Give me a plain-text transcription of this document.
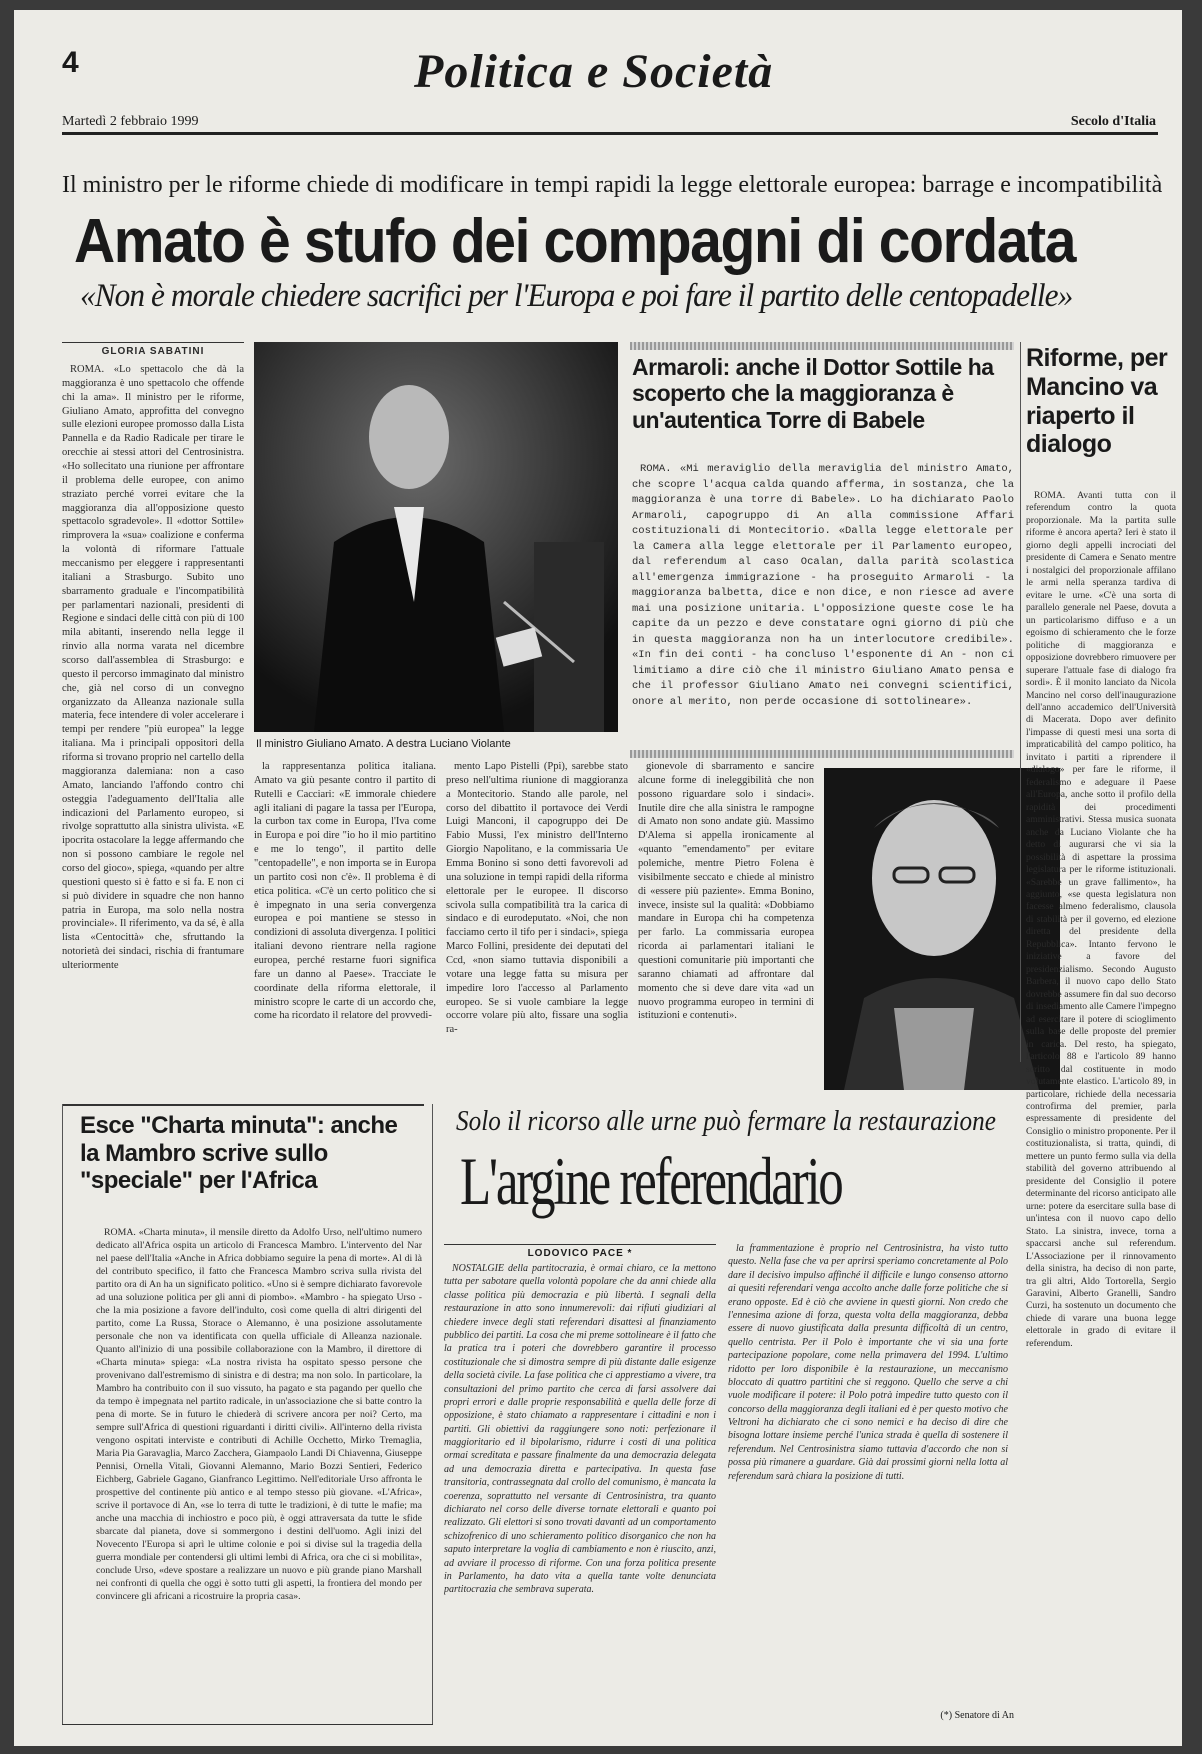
4	Politica e Società
Martedì 2 febbraio 1999	Secolo d'Italia
Il ministro per le riforme chiede di modificare in tempi rapidi la legge elettorale europea: barrage e incompatibilità
Amato è stufo dei compagni di cordata
«Non è morale chiedere sacrifici per l'Europa e poi fare il partito delle centopadelle»
GLORIA SABATINI

ROMA. «Lo spettacolo che dà la maggioranza è uno spettacolo che offende chi la ama». Il ministro per le riforme, Giuliano Amato, approfitta del convegno sulle elezioni europee promosso dalla Lista Pannella e da Radio Radicale per tirare le orecchie ai stessi attori del Centrosinistra. «Ho sollecitato una riunione per affrontare il problema delle europee, con animo straziato perché vorrei evitare che la maggioranza dia all'opposizione questo spettacolo sgradevole». Il «dottor Sottile» rimprovera la «sua» coalizione e conferma la volontà di riformare l'attuale meccanismo per eleggere i rappresentanti italiani a Strasburgo. Subito uno sbarramento graduale e l'incompatibilità per parlamentari nazionali, presidenti di Regione e sindaci delle città con più di 100 mila abitanti, inserendo nella legge il rinvio alla norma varata nel dicembre scorso dall'assemblea di Strasburgo: e questo il percorso immaginato dal ministro che, già nel corso di un convegno organizzato da Alleanza nazionale sulla materia, fece intendere di voler accelerare i tempi per rendere "più europea" la legge italiana. Ma i principali oppositori della riforma si trovano proprio nel cartello della maggioranza dalemiana: non a caso Amato, lanciando l'affondo contro chi osteggia l'adeguamento dell'Italia alle indicazioni del Parlamento europeo, si rivolge soprattutto alla sinistra ulivista. «E ipocrita ostacolare la legge affermando che non si possono cambiare le regole nel corso del gioco», spiega, «quando per altre questioni questo si è fatto e si fa. E non ci si può dividere in squadre che non hanno patria in Europa, ma solo nella nostra provinciale». Il riferimento, va da sé, è alla lista «Centocittà» che, sfruttando la notorietà dei sindaci, rischia di frantumare ulteriormente

Il ministro Giuliano Amato. A destra Luciano Violante

la rappresentanza politica italiana. Amato va giù pesante contro il partito di Rutelli e Cacciari: «E immorale chiedere agli italiani di pagare la tassa per l'Europa, la curbon tax come in Europa, l'Iva come in Europa e poi dire "io ho il mio partitino e me lo tengo", il partito delle "centopadelle", e non importa se in Europa un partito così non c'è». Il problema è di etica politica. «C'è un certo politico che si è impegnato in una seria convergenza europea e poi mantiene se stesso in condizioni di assoluta divergenza. I politici italiani devono rientrare nella ragione europea, perché restarne fuori significa fare un danno al Paese». Tracciate le coordinate della riforma elettorale, il ministro scopre le carte di un accordo che, come ha ricordato il relatore del provvedi-

mento Lapo Pistelli (Ppi), sarebbe stato preso nell'ultima riunione di maggioranza a Montecitorio. Stando alle parole, nel corso del dibattito il portavoce dei Verdi Luigi Manconi, il capogruppo dei De Fabio Mussi, l'ex ministro dell'Interno Giorgio Napolitano, e la commissaria Ue Emma Bonino si sono detti favorevoli ad una soluzione in tempi rapidi della riforma elettorale per le europee. Il discorso scivola sulla compatibilità tra la carica di sindaco e di eurodeputato. «Noi, che non facciamo certo il tifo per i sindaci», spiega Marco Follini, presidente dei deputati del Ccd, «non siamo tuttavia disponibili a votare una legge fatta su misura per impedire loro l'accesso al Parlamento europeo. Se si vuole cambiare la legge occorre volare più alto, fissare una soglia ra-

gionevole di sbarramento e sancire alcune forme di ineleggibilità che non possono riguardare solo i sindaci». Inutile dire che alla sinistra le rampogne di Amato non sono andate giù. Massimo D'Alema si appella ironicamente al «quanto "emendamento" per evitare polemiche, mentre Pietro Folena è visibilmente seccato e chiede al ministro di «essere più paziente». Emma Bonino, invece, insiste sul la qualità: «Dobbiamo mandare in Europa chi ha competenza per farlo. La commissaria europea ricorda ai parlamentari italiani le questioni comunitarie più importanti che saranno chiamati ad affrontare dal momento che si deve dare vita «ad un nuovo programma europeo in termini di istituzioni e contenuti».

Armaroli: anche il Dottor Sottile ha scoperto che la maggioranza è un'autentica Torre di Babele

ROMA. «Mi meraviglio della meraviglia del ministro Amato, che scopre l'acqua calda quando afferma, in sostanza, che la maggioranza è una torre di Babele». Lo ha dichiarato Paolo Armaroli, capogruppo di An alla commissione Affari costituzionali di Montecitorio. «Dalla legge elettorale per la Camera alla legge elettorale per il Parlamento europeo, dal referendum al caso Ocalan, dalla parità scolastica all'emergenza immigrazione - ha proseguito Armaroli - la maggioranza balbetta, dice e non dice, e non riesce ad avere mai una posizione unitaria. L'opposizione queste cose le ha capite da un pezzo e deve constatare ogni giorno di più che in questa maggioranza non ha un interlocutore credibile». «In fin dei conti - ha concluso l'esponente di An - non ci limitiamo a dire ciò che il ministro Giuliano Amato pensa e che il professor Giuliano Amato nei convegni scientifici, onore al merito, non perde occasione di sottolineare».

Riforme, per Mancino va riaperto il dialogo

ROMA. Avanti tutta con il referendum contro la quota proporzionale. Ma la partita sulle riforme è ancora aperta? Ieri è stato il giorno degli appelli incrociati del presidente di Camera e Senato mentre i nostalgici del proporzionale affilano le armi nella speranza tardiva di evitare le urne. «C'è una sorta di parallelo generale nel Paese, dovuta a un particolarismo diffuso e a un egoismo di schieramento che le forze politiche di maggioranza e opposizione dovrebbero rimuovere per superare l'attuale fase di dialogo fra sordi». È il monito lanciato da Nicola Mancino nel corso dell'inaugurazione dell'anno accademico dell'Università di Macerata. Dopo aver definito l'impasse di questi mesi una sorta di impraticabilità del campo politico, ha invitato i partiti a riprendere il «dialogo» per fare le riforme, il federalismo e adeguare il Paese all'Europa, anche sotto il profilo della rapidità dei procedimenti amministrativi. Stessa musica suonata anche da Luciano Violante che ha detto di augurarsi che vi sia la possibilità di aspettare la prossima legislatura per le riforme istituzionali. «Sarebbe un grave fallimento», ha aggiunto, «se questa legislatura non facesse almeno federalismo, clausola di stabilità per il governo, ed elezione diretta del presidente della Repubblica». Intanto fervono le iniziative a favore del presidenzialismo. Secondo Augusto Barbera, il nuovo capo dello Stato dovrebbe assumere fin dal suo decorso di insediamento alle Camere l'impegno ad esercitare il potere di scioglimento sulla base delle proposte del premier in carica. Del resto, ha spiegato, l'articolo 88 e l'articolo 89 hanno scritto dal costituente in modo volutamente elastico. L'articolo 89, in particolare, richiede della necessaria controfirma del premier, parla espressamente di presidente del Consiglio o ministro proponente. Per il costituzionalista, si tratta, quindi, di mettere un punto fermo sulla via della stabilità del governo attribuendo al presidente del Consiglio il potere determinante del ricorso anticipato alle urne: potere da esercitare sulla base di un'intesa con il nuovo capo dello Stato. La sinistra, invece, torna a spaccarsi anche sul referendum. L'Associazione per il rinnovamento della sinistra, ha deciso di non parte, tra gli altri, Aldo Tortorella, Sergio Garavini, Alberto Granelli, Sandro Curzi, ha sostenuto un documento che chiede di varare una buona legge elettorale in grado di evitare il referendum.

Esce "Charta minuta": anche la Mambro scrive sullo "speciale" per l'Africa

ROMA. «Charta minuta», il mensile diretto da Adolfo Urso, nell'ultimo numero dedicato all'Africa ospita un articolo di Francesca Mambro. L'intervento del Nar nel paese dell'Italia «Anche in Africa dobbiamo seguire la pena di morte». Al di là del contributo specifico, il fatto che Francesca Mambro scriva sulla rivista del partito ora di An ha un significato politico. «Uno si è sempre dichiarato favorevole ad una soluzione politica per gli anni di piombo». «Mambro - ha spiegato Urso - che la mia posizione a favore dell'indulto, così come quella di altri dirigenti del partito, come La Russa, Storace o Alemanno, è una posizione assolutamente personale che non va identificata con quella ufficiale di Alleanza nazionale. Quanto all'inizio di una possibile collaborazione con la Mambro, il direttore di «Charta minuta» spiega: «La nostra rivista ha ospitato spesso persone che provenivano dall'estremismo di sinistra e di destra; ma non solo. In particolare, la Mambro ha contribuito con il suo vissuto, ha pagato e sta pagando per quello che da tempo è impegnata nel partito radicale, in un'associazione che si batte contro la pena di morte. Se in futuro le chiederà di scrivere ancora per noi? Certo, ma sempre sull'Africa di questioni riguardanti i diritti civili». All'interno della rivista vengono ospitati interviste e contributi di Achille Occhetto, Mirko Tremaglia, Maria Pia Garavaglia, Marco Zacchera, Giampaolo Landi Di Chiavenna, Giuseppe Pennisi, Ornella Vitali, Giovanni Alemanno, Mario Bozzi Sentieri, Federico Eichberg, Gabriele Gagano, Gianfranco Legittimo. Nell'editoriale Urso affronta le prospettive del continente più antico e al tempo stesso più giovane. «L'Africa», scrive il portavoce di An, «se lo terra di tutte le tradizioni, è di tutte le mafie; ma anche una macchia di inchiostro e poco più, è oggi attraversata da tutte le sfide sbarcate dal pianeta, dove si sommergono i destini dell'uomo. Agli inizi del Novecento l'Europa si aprì le ultime colonie e poi si divise sul la tragedia della guerra mondiale per contendersi gli ultimi lembi di Africa, ora che ci si mobilita», conclude Urso, «deve spostare a realizzare un nuovo e più grande piano Marshall nei confronti di quella che oggi è sotto tutti gli aspetti, la frontiera del mondo per convincere gli africani a ricostruire la propria casa».

Solo il ricorso alle urne può fermare la restaurazione
L'argine referendario
LODOVICO PACE *

NOSTALGIE della partitocrazia, è ormai chiaro, ce la mettono tutta per sabotare quella volontà popolare che da anni chiede alla classe politica più democrazia e più libertà. I segnali della restaurazione in atto sono innumerevoli: dai rifiuti giudiziari al chiedere invece degli stati referendari disattesi al finanziamento pubblico dei partiti. La cosa che mi preme sottolineare è il fatto che la pratica tra i poteri che dovrebbero garantire il processo costituzionale che si dimostra sempre di più distante dalle esigenze della società civile. La fase politica che ci apprestiamo a vivere, tra consultazioni del primo partito che cerca di farsi assolvere dai propri errori e dalle proprie responsabilità e quella delle forze di opposizione, è stato chiamato a rappresentare i cittadini e non i partiti. Gli obiettivi da raggiungere sono noti: perfezionare il maggioritario ed il bipolarismo, ridurre i costi di una politica ormai screditata e passare finalmente da una democrazia delegata ad una democrazia diretta e partecipativa. In questa fase transitoria, contrassegnata dal crollo del comunismo, è mancata la coerenza, soprattutto nel versante di Centrosinistra, tra quanto dichiarato nel corso delle diverse tornate elettorali e quanto poi realizzato. Gli elettori si sono trovati davanti ad un comportamento schizofrenico di uno schieramento politico disorganico che non ha saputo interpretare la voglia di cambiamento e non è riuscito, anzi, ad avviare il processo di riforme. Con una forza politica presente in Parlamento, ha dato vita a quella tante volte denunciata partitocrazia che sembrava superata.

la frammentazione è proprio nel Centrosinistra, ha visto tutto questo. Nella fase che va per aprirsi speriamo concretamente al Polo dare il decisivo impulso affinché il difficile e lungo consenso attorno ai quesiti referendari venga accolto anche dalle forze politiche che si erano opposte. Ed è ciò che avviene in questi giorni. Non credo che l'ennesima azione di forza, questa volta della maggioranza, debba essere di nuovo giustificata dalla presunta difficoltà di un centro, quello centrista. Per il Polo è importante che vi sia una forte partecipazione popolare, come nella primavera del 1994. L'ultimo ridotto per loro disponibile è la restaurazione, un meccanismo bloccato di quattro partitini che si reggono. Quello che serve a chi vuole modificare il potere: il Polo potrà impedire tutto questo con il concorso della maggioranza degli italiani ed è per questo motivo che Veltroni ha dichiarato che ci sono nemici e ha deciso di dire che bisogna lottare insieme perché l'unica strada è quella di sostenere il referendum. Nel Centrosinistra siamo tuttavia d'accordo che non si possa più rimanere a guardare. Già dai prossimi giorni nella lotta al referendum sarà chiara la posizione di tutti.

(*) Senatore di An
